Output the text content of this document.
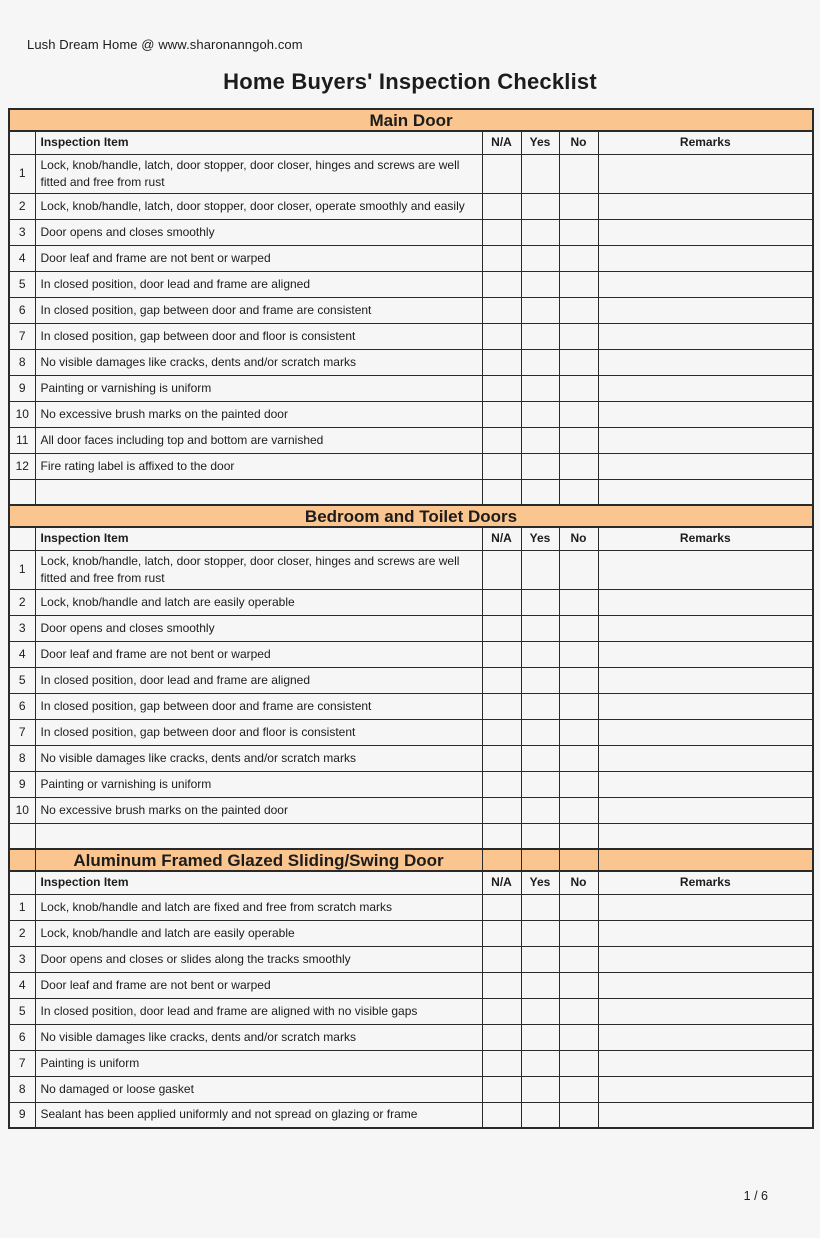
Lush Dream Home @ www.sharonanngoh.com
Home Buyers' Inspection Checklist
Main Door					
	Inspection Item	N/A	Yes	No	Remarks
1	Lock, knob/handle, latch, door stopper, door closer, hinges and screws are well fitted and free from rust				
2	Lock, knob/handle, latch, door stopper, door closer, operate smoothly and easily				
3	Door opens and closes smoothly				
4	Door leaf and frame are not bent or warped				
5	In closed position, door lead and frame are aligned				
6	In closed position, gap between door and frame are consistent				
7	In closed position, gap between door and floor is consistent				
8	No visible damages like cracks, dents and/or scratch marks				
9	Painting or varnishing is uniform				
10	No excessive brush marks on the painted door				
11	All door faces including top and bottom are varnished				
12	Fire rating label is affixed to the door				

Bedroom and Toilet Doors					
	Inspection Item	N/A	Yes	No	Remarks
1	Lock, knob/handle, latch, door stopper, door closer, hinges and screws are well fitted and free from rust				
2	Lock, knob/handle and latch are easily operable				
3	Door opens and closes smoothly				
4	Door leaf and frame are not bent or warped				
5	In closed position, door lead and frame are aligned				
6	In closed position, gap between door and frame are consistent				
7	In closed position, gap between door and floor is consistent				
8	No visible damages like cracks, dents and/or scratch marks				
9	Painting or varnishing is uniform				
10	No excessive brush marks on the painted door				

	Aluminum Framed Glazed Sliding/Swing Door				
	Inspection Item	N/A	Yes	No	Remarks
1	Lock, knob/handle and latch are fixed and free from scratch marks				
2	Lock, knob/handle and latch are easily operable				
3	Door opens and closes or slides along the tracks smoothly				
4	Door leaf and frame are not bent or warped				
5	In closed position, door lead and frame are aligned with no visible gaps				
6	No visible damages like cracks, dents and/or scratch marks				
7	Painting is uniform				
8	No damaged or loose gasket				
9	Sealant has been applied uniformly and not spread on glazing or frame				
1 / 6
